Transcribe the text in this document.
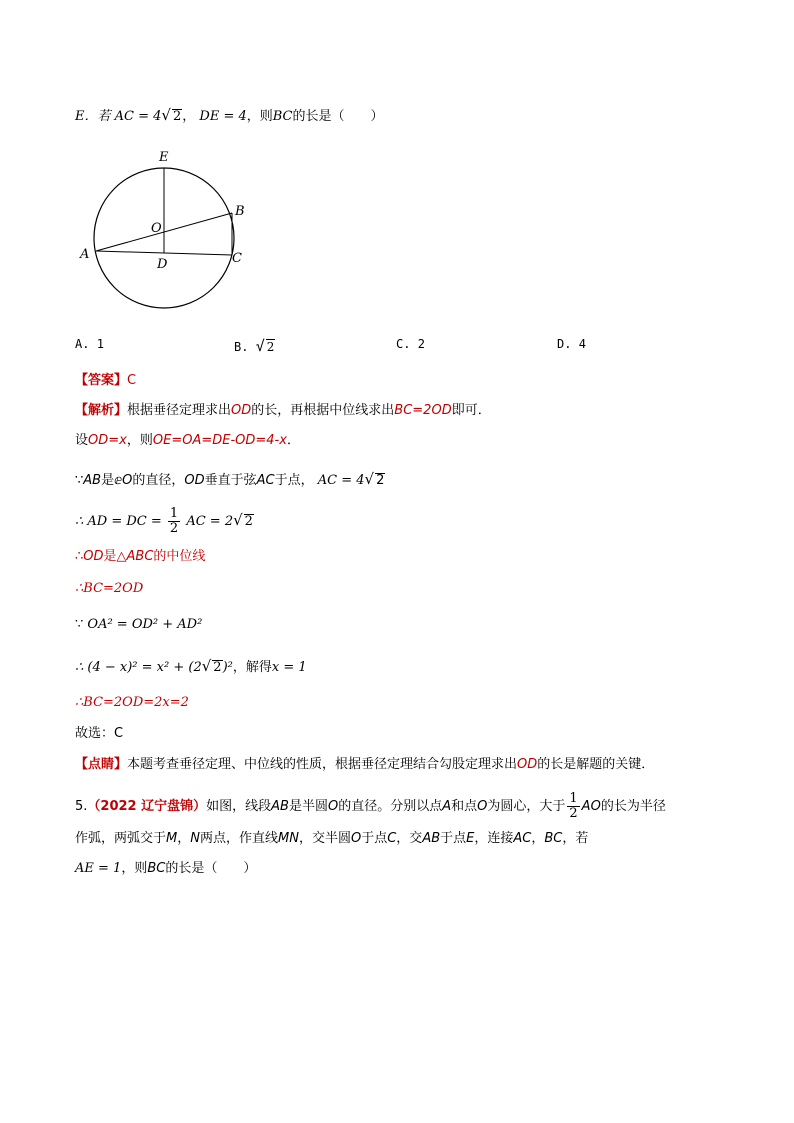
E．若 AC = 4√ 2， DE = 4，则BC的长是（　　）
E
O
B
A
D	C
A. 1	B. √ 2	C. 2	D. 4
【答案】C
【解析】根据垂径定理求出OD的长，再根据中位线求出BC=2OD即可．
设OD=x，则OE=OA=DE-OD=4-x．
∵AB是ⅇO的直径，OD垂直于弦AC于点， AC = 4√ 2
∴ AD = DC = $\frac{1}{2}$ AC = 2√ 2
∴OD是△ABC的中位线
∴BC=2OD
∵ OA² = OD² + AD²
∴ (4 − x)² = x² + (2√ 2)²，解得x = 1
∴BC=2OD=2x=2
故选：C
【点睛】本题考查垂径定理、中位线的性质，根据垂径定理结合勾股定理求出OD的长是解题的关键．
5.（2022 辽宁盘锦）如图，线段AB是半圆O的直径。分别以点A和点O为圆心，大于 $\frac{1}{2}$ AO的长为半径
作弧，两弧交于M，N两点，作直线MN，交半圆O于点C，交AB于点E，连接AC，BC，若
AE = 1，则BC的长是（　　）
